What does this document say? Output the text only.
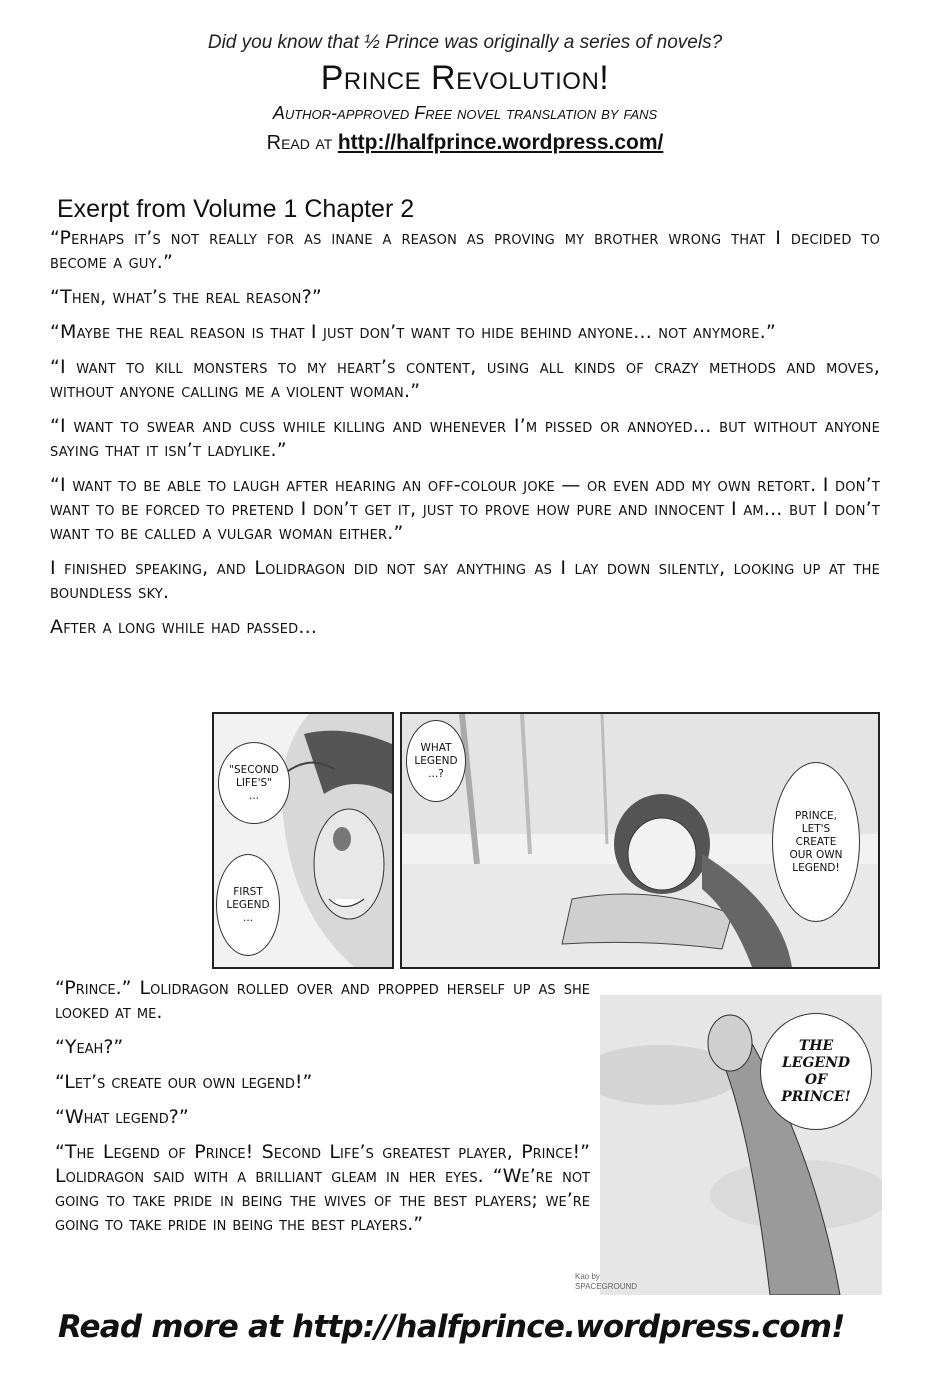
Did you know that ½ Prince was originally a series of novels?
Prince Revolution!
Author-approved Free novel translation by fans
Read at http://halfprince.wordpress.com/
Exerpt from Volume 1 Chapter 2

“Perhaps it’s not really for as inane a reason as proving my brother wrong that I decided to become a guy.”

“Then, what’s the real reason?”

“Maybe the real reason is that I just don’t want to hide behind anyone... not anymore.”

“I want to kill monsters to my heart’s content, using all kinds of crazy methods and moves, without anyone calling me a violent woman.”

“I want to swear and cuss while killing and whenever I’m pissed or annoyed... but without anyone saying that it isn’t ladylike.”

“I want to be able to laugh after hearing an off-colour joke — or even add my own retort. I don’t want to be forced to pretend I don’t get it, just to prove how pure and innocent I am... but I don’t want to be called a vulgar woman either.”

I finished speaking, and Lolidragon did not say anything as I lay down silently, looking up at the boundless sky.

After a long while had passed...

"SECOND
LIFE'S"
...
FIRST
LEGEND
...
WHAT
LEGEND
...?
PRINCE,
LET'S
CREATE
OUR OWN
LEGEND!

“Prince.” Lolidragon rolled over and propped herself up as she looked at me.

“Yeah?”

“Let’s create our own legend!”

“What legend?”

“The Legend of Prince! Second Life’s greatest player, Prince!” Lolidragon said with a brilliant gleam in her eyes. “We’re not going to take pride in being the wives of the best players; we’re going to take pride in being the best players.”

THE
LEGEND
OF
PRINCE!
Kao by
SPACEGROUND
Read more at http://halfprince.wordpress.com!
